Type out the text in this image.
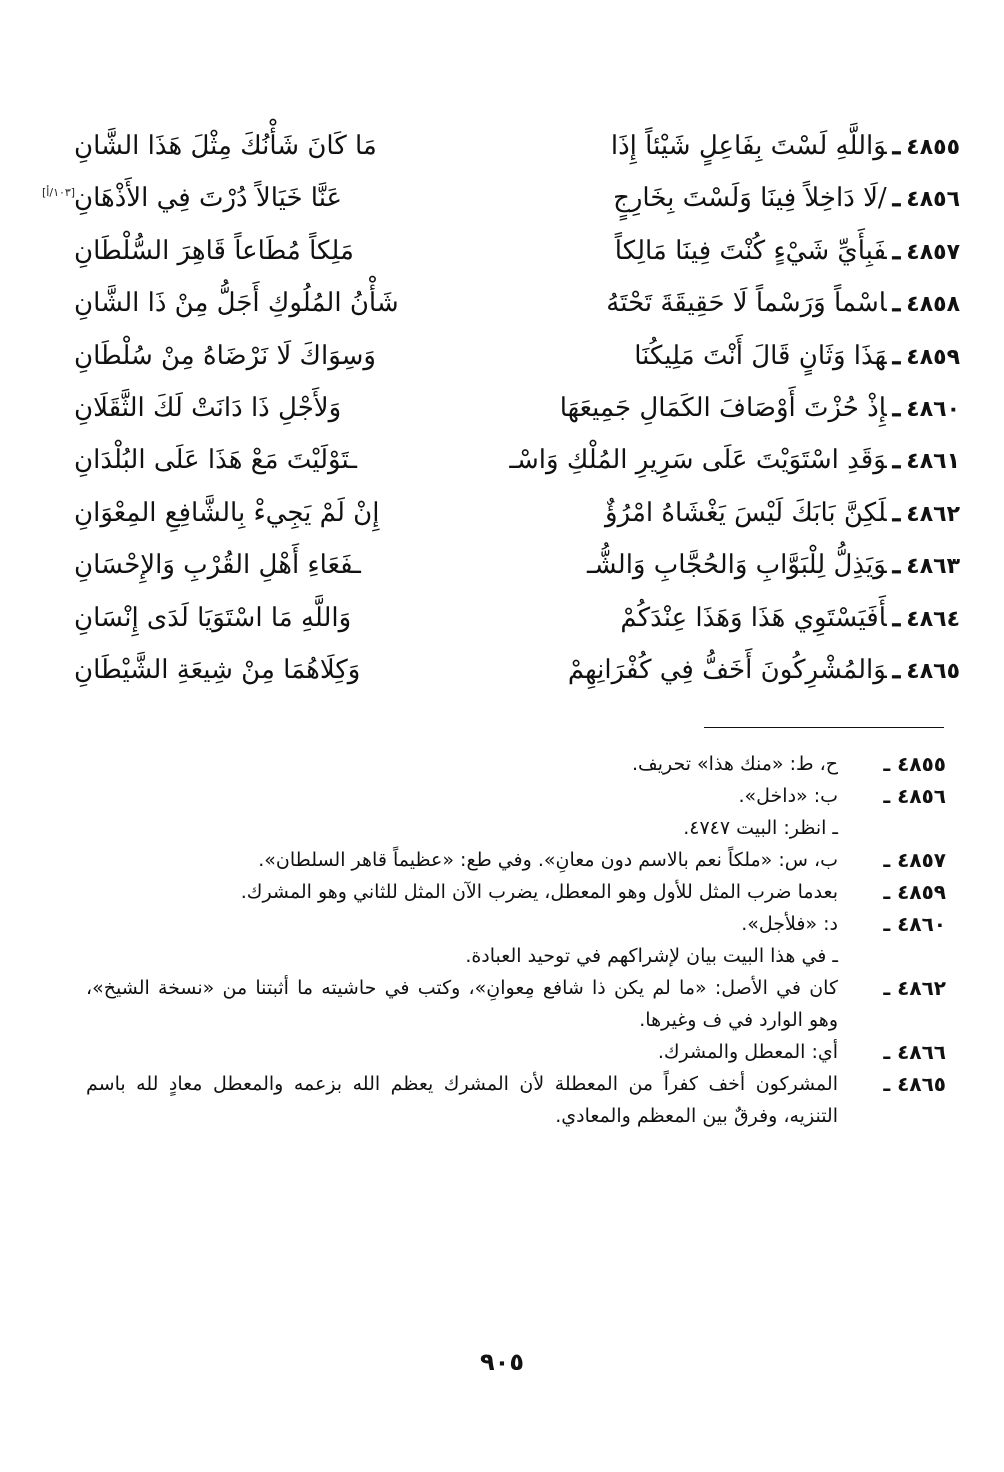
٤٨٥٥ـوَاللَّهِ لَسْتَ بِفَاعِلٍ شَيْئاً إِذَا
مَا كَانَ شَأْنُكَ مِثْلَ هَذَا الشَّانِ
٤٨٥٦ـ/لَا دَاخِلاً فِينَا وَلَسْتَ بِخَارِجٍ
عَنَّا خَيَالاً دُرْتَ فِي الأَذْهَانِ
[١٠٣/أ]
٤٨٥٧ـفَبِأَيِّ شَيْءٍ كُنْتَ فِينَا مَالِكاً
مَلِكاً مُطَاعاً قَاهِرَ السُّلْطَانِ
٤٨٥٨ـاسْماً وَرَسْماً لَا حَقِيقَةَ تَحْتَهُ
شَأْنُ المُلُوكِ أَجَلُّ مِنْ ذَا الشَّانِ
٤٨٥٩ـهَذَا وَثَانٍ قَالَ أَنْتَ مَلِيكُنَا
وَسِوَاكَ لَا نَرْضَاهُ مِنْ سُلْطَانِ
٤٨٦٠ـإِذْ حُزْتَ أَوْصَافَ الكَمَالِ جَمِيعَهَا
وَلأَجْلِ ذَا دَانَتْ لَكَ الثَّقَلَانِ
٤٨٦١ـوَقَدِ اسْتَوَيْتَ عَلَى سَرِيرِ المُلْكِ وَاسْـ
ـتَوْلَيْتَ مَعْ هَذَا عَلَى البُلْدَانِ
٤٨٦٢ـلَكِنَّ بَابَكَ لَيْسَ يَغْشَاهُ امْرُؤٌ
إِنْ لَمْ يَجِيءْ بِالشَّافِعِ المِعْوَانِ
٤٨٦٣ـوَيَذِلُّ لِلْبَوَّابِ وَالحُجَّابِ وَالشُّـ
ـفَعَاءِ أَهْلِ القُرْبِ وَالإِحْسَانِ
٤٨٦٤ـأَفَيَسْتَوِي هَذَا وَهَذَا عِنْدَكُمْ
وَاللَّهِ مَا اسْتَوَيَا لَدَى إِنْسَانِ
٤٨٦٥ـوَالمُشْرِكُونَ أَخَفُّ فِي كُفْرَانِهِمْ
وَكِلَاهُمَا مِنْ شِيعَةِ الشَّيْطَانِ

٤٨٥٥ ـ
ح، ط: «منك هذا» تحريف.

٤٨٥٦ ـ
ب: «داخل».

ـ انظر: البيت ٤٧٤٧.

٤٨٥٧ ـ
ب، س: «ملكاً نعم بالاسم دون معانِ». وفي طع: «عظيماً قاهر السلطان».

٤٨٥٩ ـ
بعدما ضرب المثل للأول وهو المعطل، يضرب الآن المثل للثاني وهو المشرك.

٤٨٦٠ ـ
د: «فلأجل».

ـ في هذا البيت بيان لإشراكهم في توحيد العبادة.

٤٨٦٢ ـ
كان في الأصل: «ما لم يكن ذا شافع مِعوانِ»، وكتب في حاشيته ما أثبتنا من «نسخة الشيخ»، وهو الوارد في ف وغيرها.

٤٨٦٦ ـ
أي: المعطل والمشرك.

٤٨٦٥ ـ
المشركون أخف كفراً من المعطلة لأن المشرك يعظم الله بزعمه والمعطل معادٍ لله باسم التنزيه، وفرقٌ بين المعظم والمعادي.

٩٠٥
